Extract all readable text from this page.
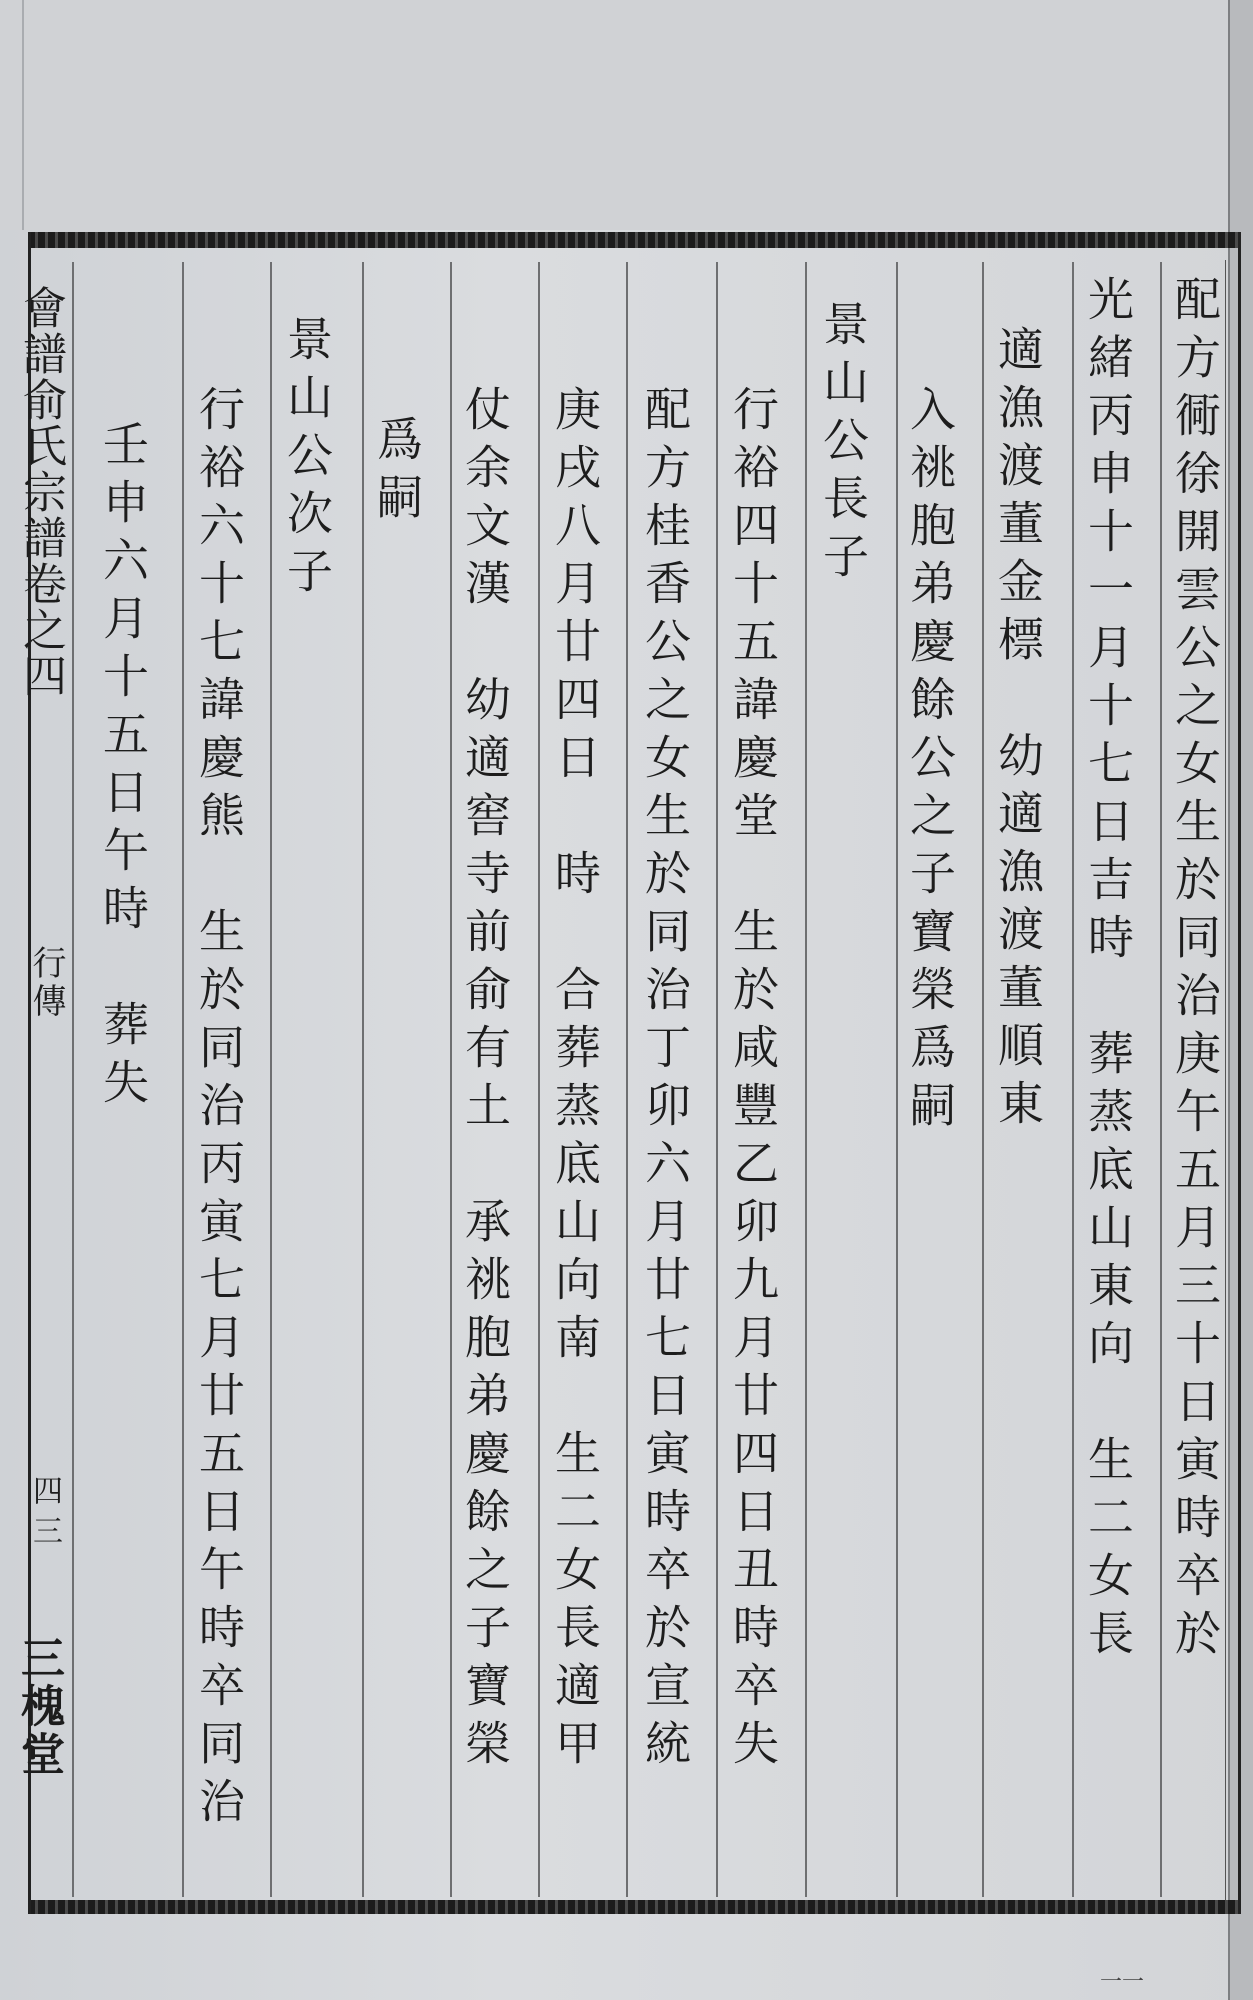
配方衕徐開雲公之女生於同治庚午五月三十日寅時卒於
光緒丙申十一月十七日吉時　葬蒸底山東向　生二女長
適漁渡董金標　幼適漁渡董順東
入祧胞弟慶餘公之子寶榮爲嗣
景山公長子
行裕四十五諱慶堂　生於咸豐乙卯九月廿四日丑時卒失
配方桂香公之女生於同治丁卯六月廿七日寅時卒於宣統
庚戌八月廿四日　時　合葬蒸底山向南　生二女長適甲
仗余文漢　幼適窖寺前俞有土　承祧胞弟慶餘之子寶榮
爲嗣
景山公次子
行裕六十七諱慶熊　生於同治丙寅七月廿五日午時卒同治
壬申六月十五日午時　葬失
會譜俞氏宗譜卷之四
行傳
四三
三槐堂
一一
